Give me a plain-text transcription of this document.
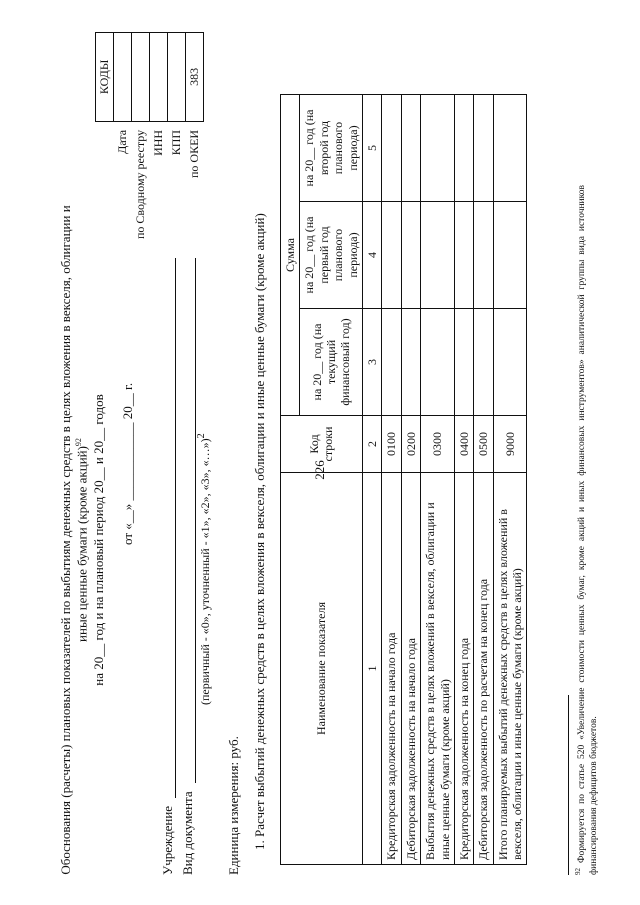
226
Обоснования (расчеты) плановых показателей по выбытиям денежных средств в целях вложения в векселя, облигации и иные ценные бумаги (кроме акций)$^{92}$ на 20__ год и на плановый период 20__ и 20__ годов
	КОДЫ
Дата	
по Сводному реестру	
ИНН	
КПП	
по ОКЕИ	383
от «__» ____________ 20__ г.
Учреждение Вид документа
(первичный - «0», уточненный - «1», «2», «3», «…»)$^2$
Единица измерения: руб. 1. Расчет выбытий денежных средств в целях вложения в векселя, облигации и иные ценные бумаги (кроме акций)	Наименование показателя	Код строки	Сумма		
		на 20__ год (на текущий финансовый год)	на 20__ год (на первый год планового периода)	на 20__ год (на второй год планового периода)
1	2	3	4	5
Кредиторская задолженность на начало года	0100			
Дебиторская задолженность на начало года	0200			
Выбытия денежных средств в целях вложений в векселя, облигации и иные ценные бумаги (кроме акций)	0300			
Кредиторская задолженность на конец года	0400			
Дебиторская задолженность по расчетам на конец года	0500			
Итого планируемых выбытий денежных средств в целях вложений в векселя, облигации и иные ценные бумаги (кроме акций)	9000			
$^{92}$ Формируется по статье 520 «Увеличение стоимости ценных бумаг, кроме акций и иных финансовых инструментов» аналитической группы вида источников финансирования дефицитов бюджетов.
